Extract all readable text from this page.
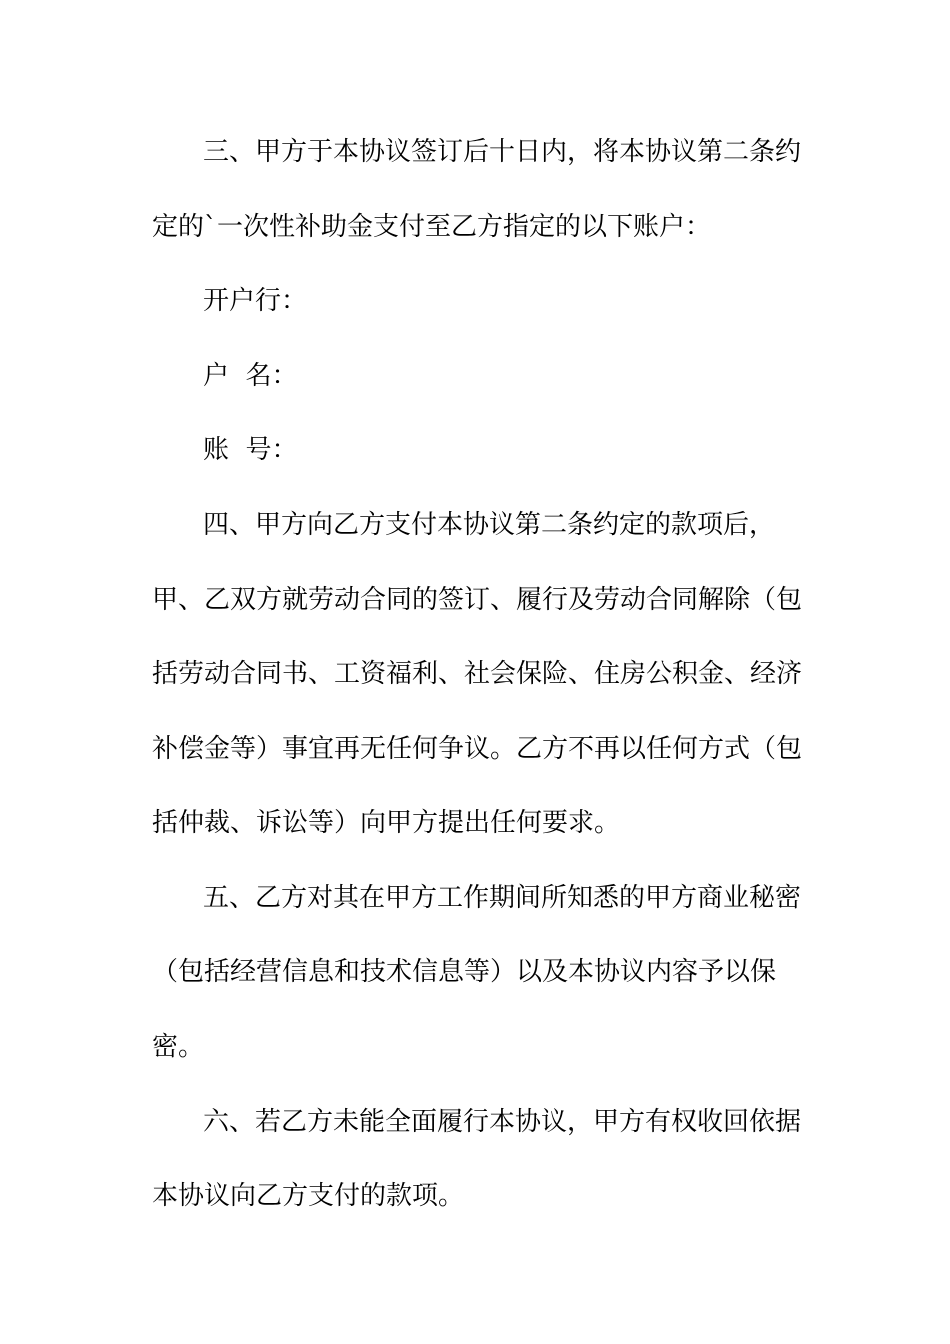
三、甲方于本协议签订后十日内，将本协议第二条约
定的`一次性补助金支付至乙方指定的以下账户：
开户行：
户  名：
账  号：
四、甲方向乙方支付本协议第二条约定的款项后，
甲、乙双方就劳动合同的签订、履行及劳动合同解除（包
括劳动合同书、工资福利、社会保险、住房公积金、经济
补偿金等）事宜再无任何争议。乙方不再以任何方式（包
括仲裁、诉讼等）向甲方提出任何要求。
五、乙方对其在甲方工作期间所知悉的甲方商业秘密
（包括经营信息和技术信息等）以及本协议内容予以保
密。
六、若乙方未能全面履行本协议，甲方有权收回依据
本协议向乙方支付的款项。
